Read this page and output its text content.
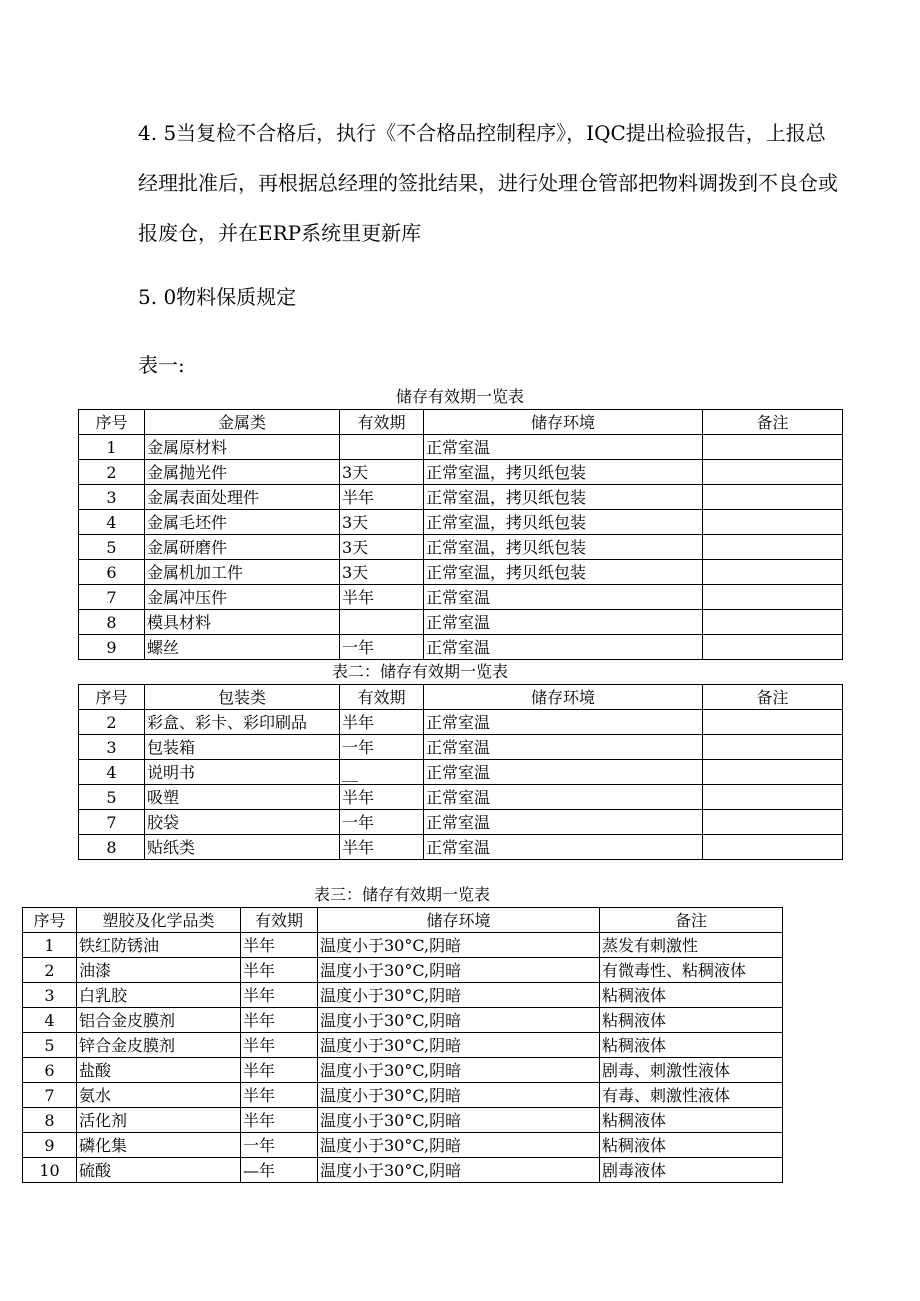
4. 5当复检不合格后，执行《不合格品控制程序》，IQC提出检验报告，上报总经理批准后，再根据总经理的签批结果，进行处理仓管部把物料调拨到不良仓或报废仓，并在ERP系统里更新库

5. 0物料保质规定

表一:

储存有效期一览表
序号	金属类	有效期	储存环境	备注
1	金属原材料		正常室温	
2	金属抛光件	3天	正常室温，拷贝纸包装	
3	金属表面处理件	半年	正常室温，拷贝纸包装	
4	金属毛坯件	3天	正常室温，拷贝纸包装	
5	金属研磨件	3天	正常室温，拷贝纸包装	
6	金属机加工件	3天	正常室温，拷贝纸包装	
7	金属冲压件	半年	正常室温	
8	模具材料		正常室温	
9	螺丝	一年	正常室温	
表二：储存有效期一览表
序号	包装类	有效期	储存环境	备注
2	彩盒、彩卡、彩印刷品	半年	正常室温	
3	包装箱	一年	正常室温	
4	说明书	__	正常室温	
5	吸塑	半年	正常室温	
7	胶袋	一年	正常室温	
8	贴纸类	半年	正常室温	
表三：储存有效期一览表
序号	塑胶及化学品类	有效期	储存环境	备注
1	铁红防锈油	半年	温度小于30°C,阴暗	蒸发有刺激性
2	油漆	半年	温度小于30°C,阴暗	有微毒性、粘稠液体
3	白乳胶	半年	温度小于30°C,阴暗	粘稠液体
4	铝合金皮膜剂	半年	温度小于30°C,阴暗	粘稠液体
5	锌合金皮膜剂	半年	温度小于30°C,阴暗	粘稠液体
6	盐酸	半年	温度小于30°C,阴暗	剧毒、刺激性液体
7	氨水	半年	温度小于30°C,阴暗	有毒、刺激性液体
8	活化剂	半年	温度小于30°C,阴暗	粘稠液体
9	磷化集	一年	温度小于30°C,阴暗	粘稠液体
10	硫酸	—年	温度小于30°C,阴暗	剧毒液体
